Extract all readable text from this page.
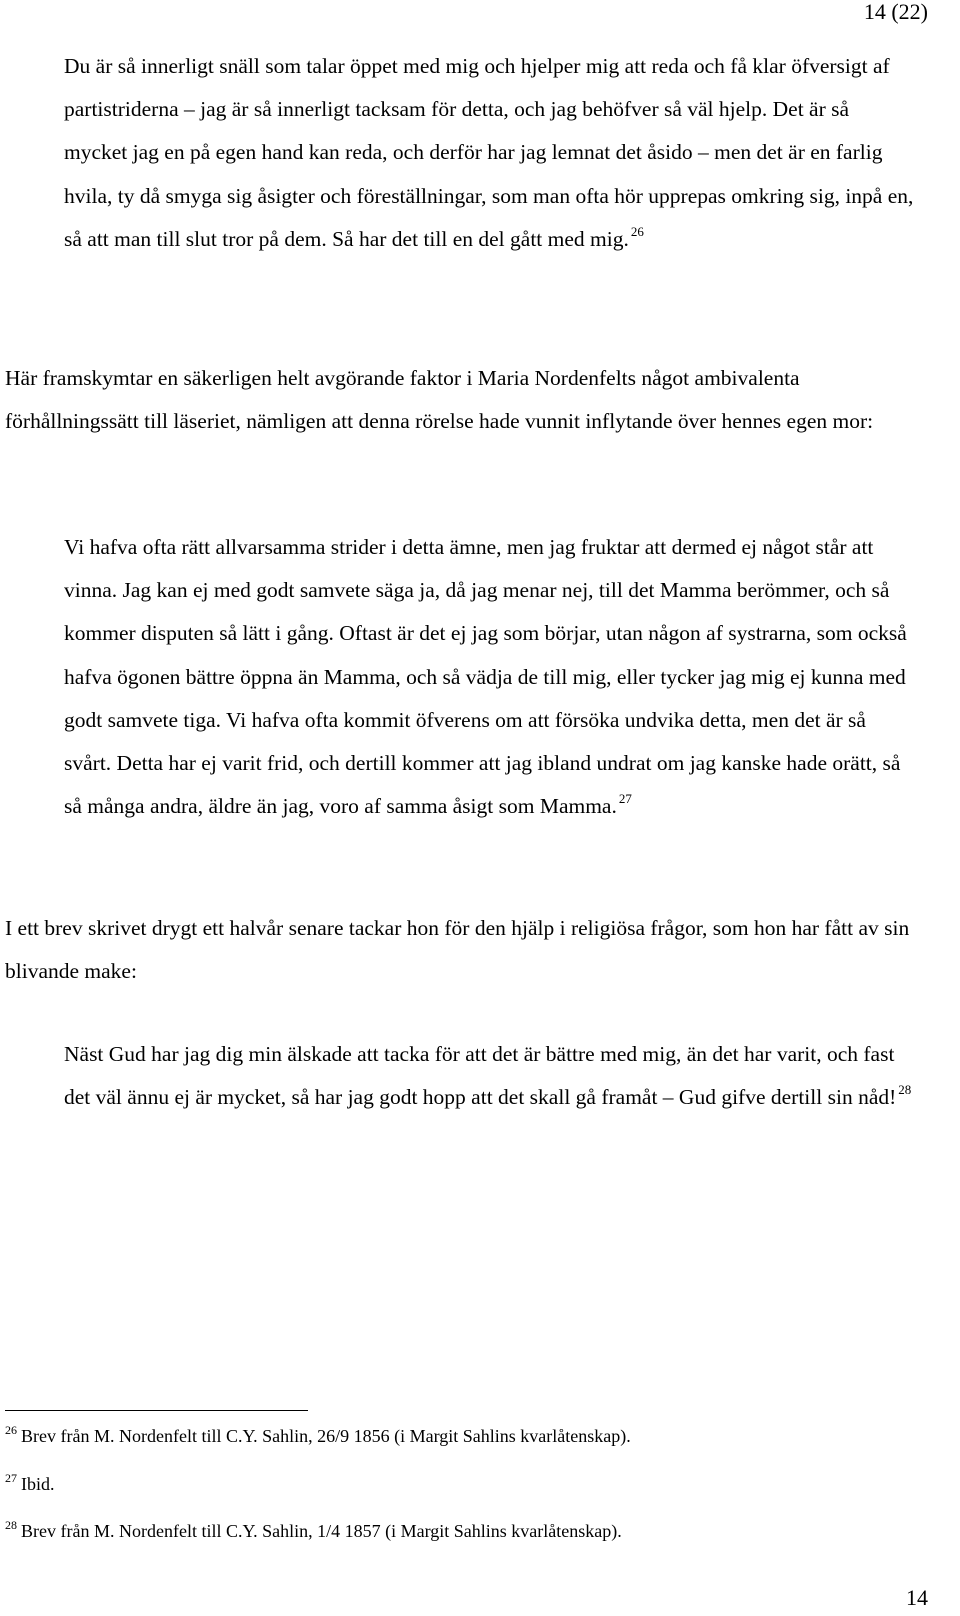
14 (22)
Du är så innerligt snäll som talar öppet med mig och hjelper mig att reda och få klar öfversigt af partistriderna – jag är så innerligt tacksam för detta, och jag behöfver så väl hjelp. Det är så mycket jag en på egen hand kan reda, och derför har jag lemnat det åsido – men det är en farlig hvila, ty då smyga sig åsigter och föreställningar, som man ofta hör upprepas omkring sig, inpå en, så att man till slut tror på dem. Så har det till en del gått med mig. $^{26}$
Här framskymtar en säkerligen helt avgörande faktor i Maria Nordenfelts något ambivalenta förhållningssätt till läseriet, nämligen att denna rörelse hade vunnit inflytande över hennes egen mor:
Vi hafva ofta rätt allvarsamma strider i detta ämne, men jag fruktar att dermed ej något står att vinna. Jag kan ej med godt samvete säga ja, då jag menar nej, till det Mamma berömmer, och så kommer disputen så lätt i gång. Oftast är det ej jag som börjar, utan någon af systrarna, som också hafva ögonen bättre öppna än Mamma, och så vädja de till mig, eller tycker jag mig ej kunna med godt samvete tiga. Vi hafva ofta kommit öfverens om att försöka undvika detta, men det är så svårt. Detta har ej varit frid, och dertill kommer att jag ibland undrat om jag kanske hade orätt, så så många andra, äldre än jag, voro af samma åsigt som Mamma. $^{27}$
I ett brev skrivet drygt ett halvår senare tackar hon för den hjälp i religiösa frågor, som hon har fått av sin blivande make:
Näst Gud har jag dig min älskade att tacka för att det är bättre med mig, än det har varit, och fast det väl ännu ej är mycket, så har jag godt hopp att det skall gå framåt – Gud gifve dertill sin nåd! $^{28}$
$^{26}$ Brev från M. Nordenfelt till C.Y. Sahlin, 26/9 1856 (i Margit Sahlins kvarlåtenskap).
$^{27}$ Ibid.
$^{28}$ Brev från M. Nordenfelt till C.Y. Sahlin, 1/4 1857 (i Margit Sahlins kvarlåtenskap).
14
